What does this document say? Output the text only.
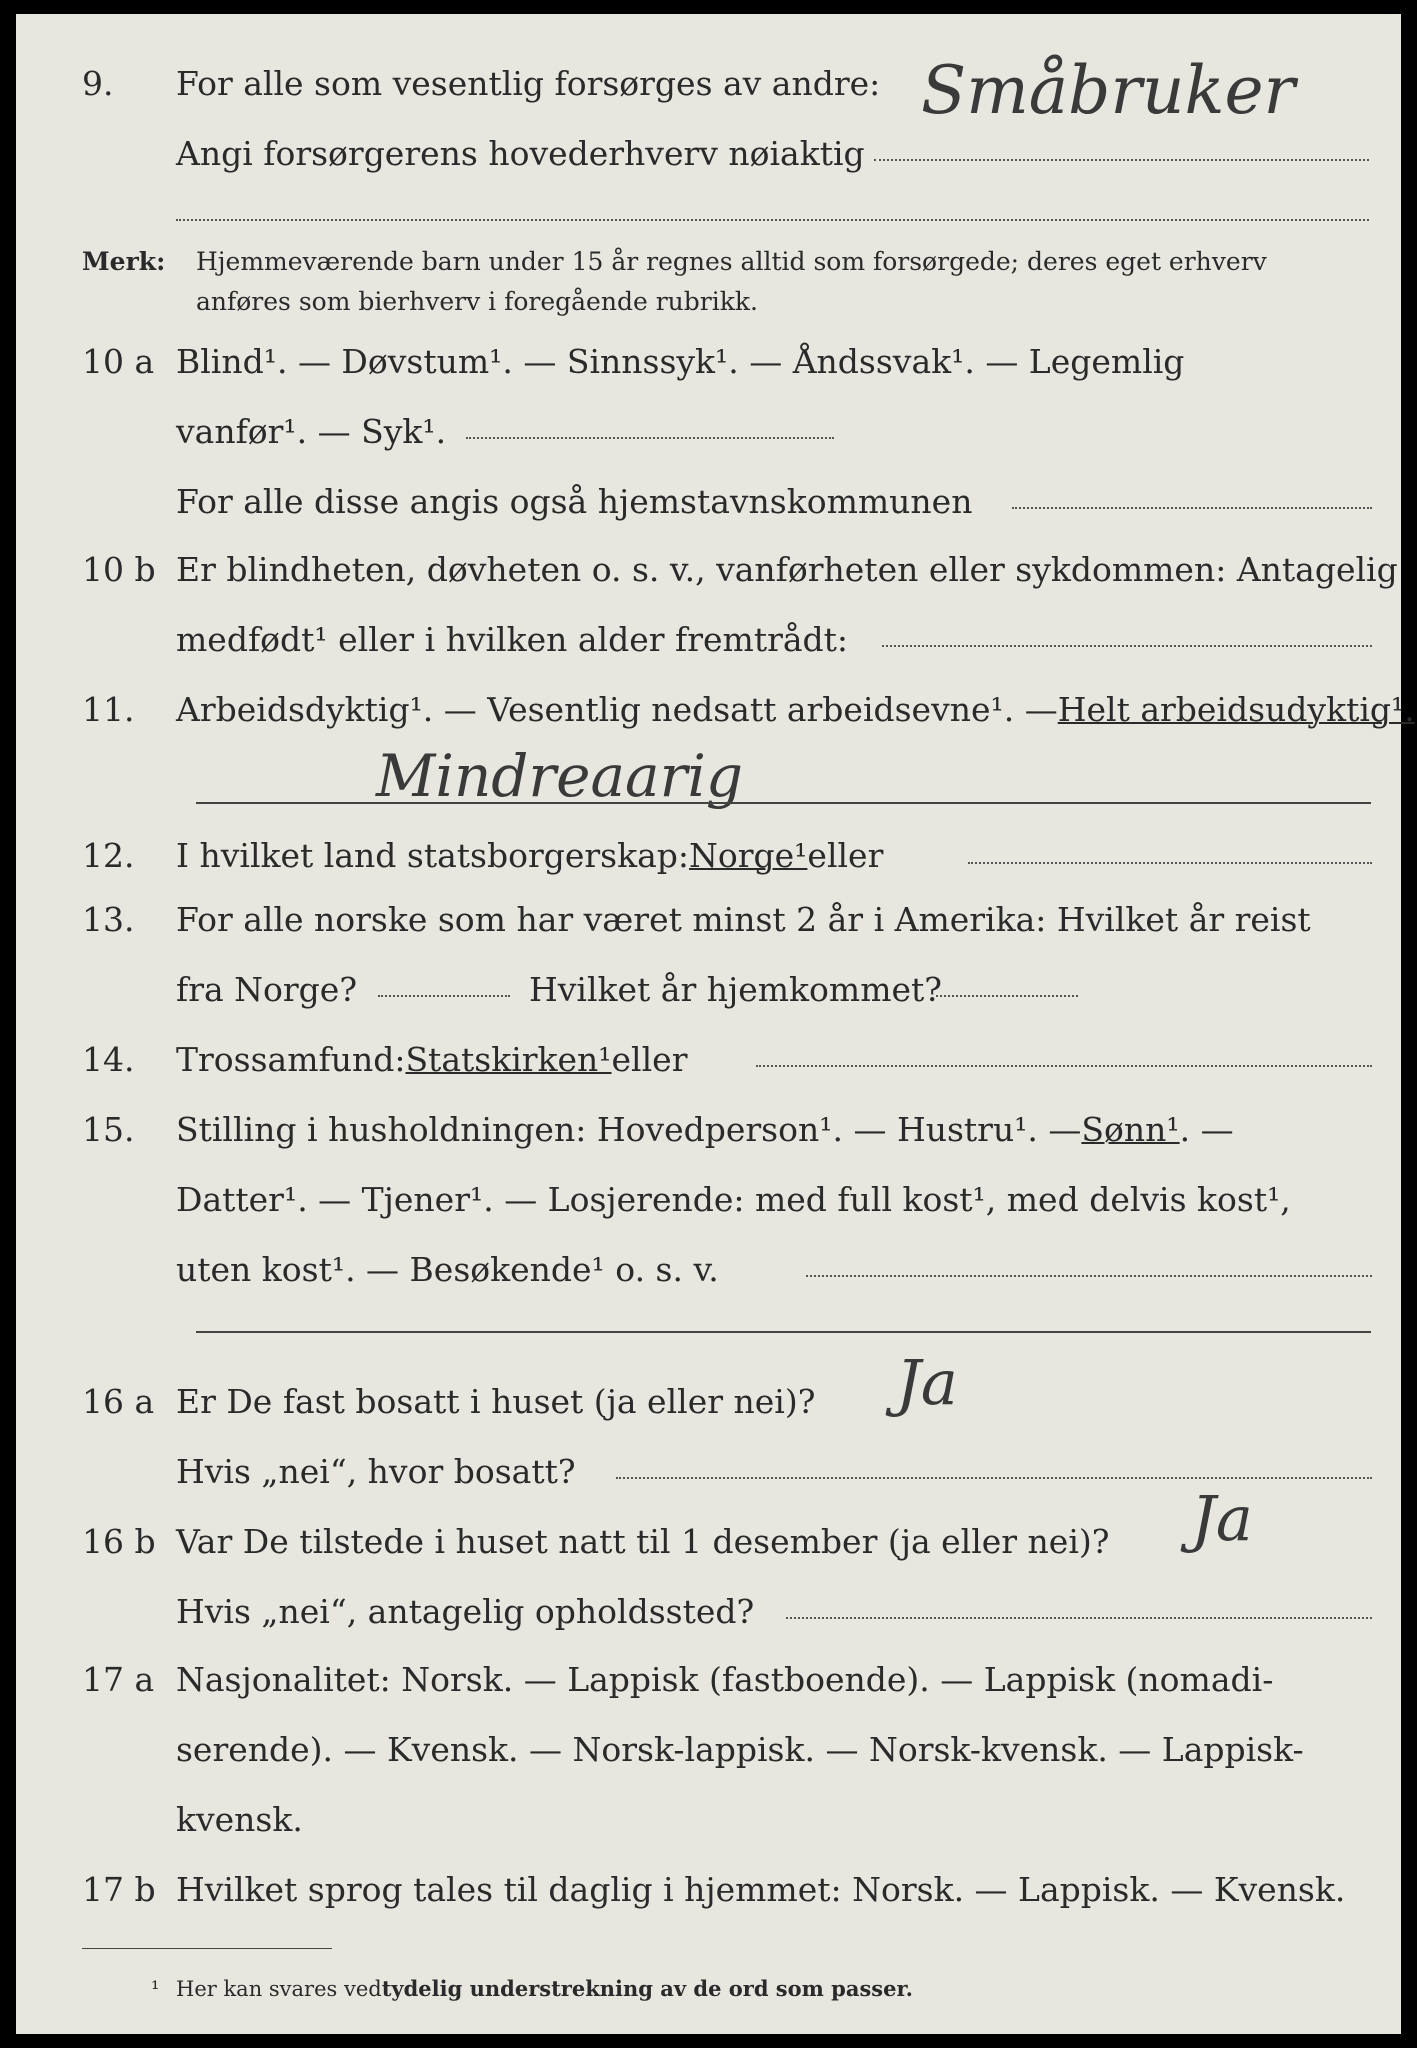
9. For alle som vesentlig forsørges av andre:
Angi forsørgerens hovederhverv nøiaktig
Småbruker
Merk: Hjemmeværende barn under 15 år regnes alltid som forsørgede; deres eget erhverv
anføres som bierhverv i foregående rubrikk.
10 a Blind¹. — Døvstum¹. — Sinnssyk¹. — Åndssvak¹. — Legemlig
vanfør¹. — Syk¹.
For alle disse angis også hjemstavnskommunen
10 b Er blindheten, døvheten o. s. v., vanførheten eller sykdommen: Antagelig
medfødt¹ eller i hvilken alder fremtrådt:
11. Arbeidsdyktig¹. — Vesentlig nedsatt arbeidsevne¹. —Helt arbeidsudyktig¹.
Mindreaarig
12. I hvilket land statsborgerskap:Norge¹eller
13. For alle norske som har været minst 2 år i Amerika: Hvilket år reist
fra Norge?	Hvilket år hjemkommet?
14. Trossamfund:Statskirken¹eller
15. Stilling i husholdningen: Hovedperson¹. — Hustru¹. —Sønn¹. —
Datter¹. — Tjener¹. — Losjerende: med full kost¹, med delvis kost¹,
uten kost¹. — Besøkende¹ o. s. v.
16 a Er De fast bosatt i huset (ja eller nei)? Ja
Hvis „nei“, hvor bosatt?
16 b Var De tilstede i huset natt til 1 desember (ja eller nei)? Ja
Hvis „nei“, antagelig opholdssted?
17 a Nasjonalitet: Norsk. — Lappisk (fastboende). — Lappisk (nomadi-
serende). — Kvensk. — Norsk-lappisk. — Norsk-kvensk. — Lappisk-
kvensk.
17 b Hvilket sprog tales til daglig i hjemmet: Norsk. — Lappisk. — Kvensk.
¹ Her kan svares vedtydelig understrekning av de ord som passer.
